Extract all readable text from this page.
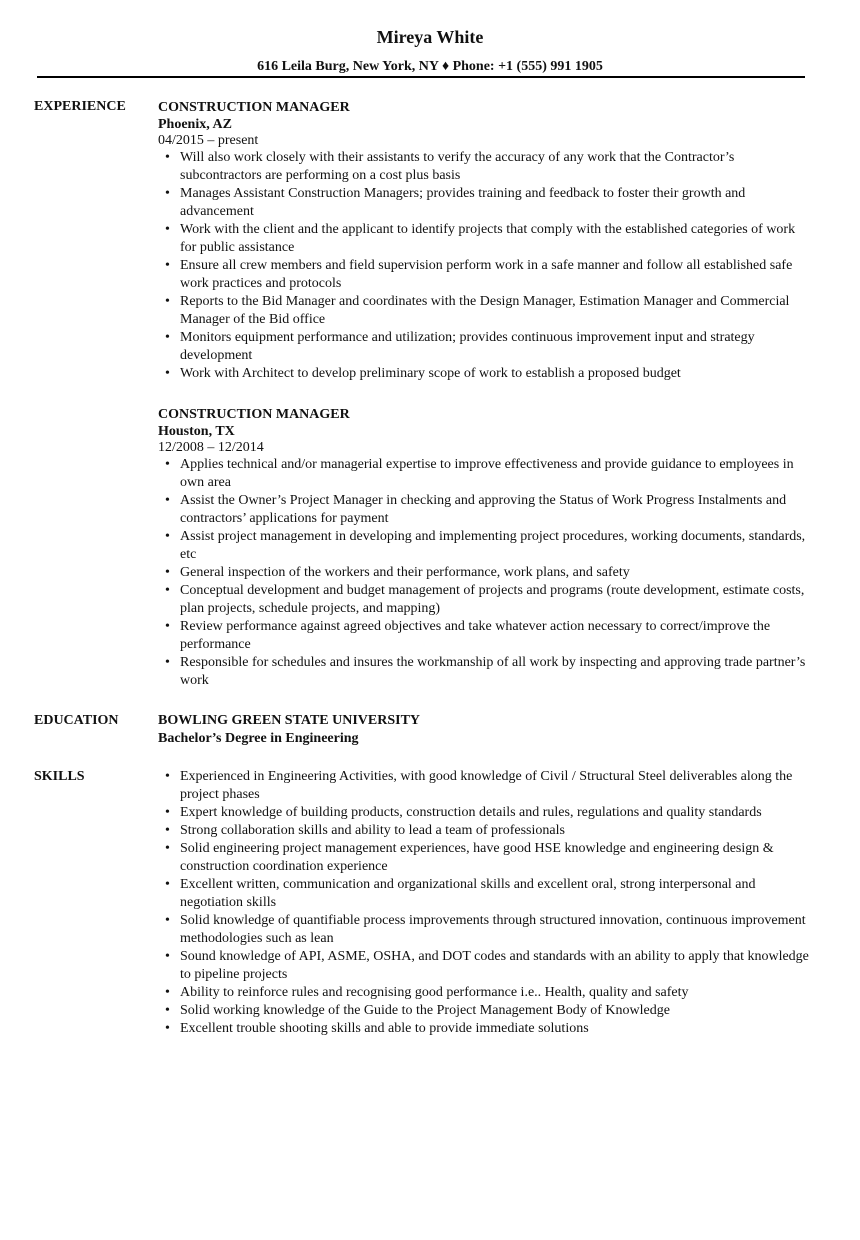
Mireya White
616 Leila Burg, New York, NY ♦ Phone: +1 (555) 991 1905
EXPERIENCE	CONSTRUCTION MANAGER
Phoenix, AZ
04/2015 – present
• Will also work closely with their assistants to verify the accuracy of any work that the Contractor’s subcontractors are performing on a cost plus basis
• Manages Assistant Construction Managers; provides training and feedback to foster their growth and advancement
• Work with the client and the applicant to identify projects that comply with the established categories of work for public assistance
• Ensure all crew members and field supervision perform work in a safe manner and follow all established safe work practices and protocols
• Reports to the Bid Manager and coordinates with the Design Manager, Estimation Manager and Commercial Manager of the Bid office
• Monitors equipment performance and utilization; provides continuous improvement input and strategy development
• Work with Architect to develop preliminary scope of work to establish a proposed budget
CONSTRUCTION MANAGER
Houston, TX
12/2008 – 12/2014
• Applies technical and/or managerial expertise to improve effectiveness and provide guidance to employees in own area
• Assist the Owner’s Project Manager in checking and approving the Status of Work Progress Instalments and contractors’ applications for payment
• Assist project management in developing and implementing project procedures, working documents, standards, etc
• General inspection of the workers and their performance, work plans, and safety
• Conceptual development and budget management of projects and programs (route development, estimate costs, plan projects, schedule projects, and mapping)
• Review performance against agreed objectives and take whatever action necessary to correct/improve the performance
• Responsible for schedules and insures the workmanship of all work by inspecting and approving trade partner’s work
EDUCATION	BOWLING GREEN STATE UNIVERSITY
Bachelor’s Degree in Engineering
SKILLS	• Experienced in Engineering Activities, with good knowledge of Civil / Structural Steel deliverables along the project phases
• Expert knowledge of building products, construction details and rules, regulations and quality standards
• Strong collaboration skills and ability to lead a team of professionals
• Solid engineering project management experiences, have good HSE knowledge and engineering design & construction coordination experience
• Excellent written, communication and organizational skills and excellent oral, strong interpersonal and negotiation skills
• Solid knowledge of quantifiable process improvements through structured innovation, continuous improvement methodologies such as lean
• Sound knowledge of API, ASME, OSHA, and DOT codes and standards with an ability to apply that knowledge to pipeline projects
• Ability to reinforce rules and recognising good performance i.e.. Health, quality and safety
• Solid working knowledge of the Guide to the Project Management Body of Knowledge
• Excellent trouble shooting skills and able to provide immediate solutions
